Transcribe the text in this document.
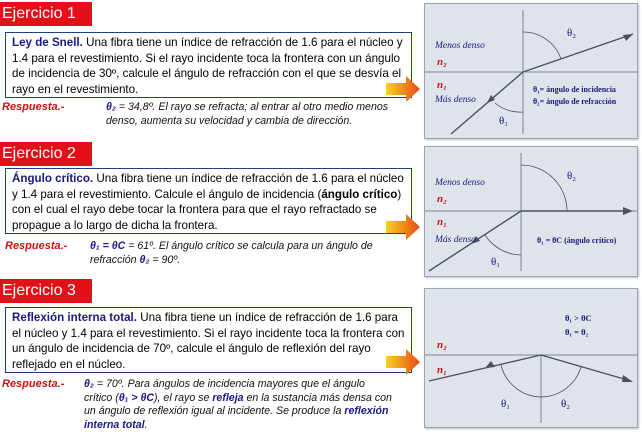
Ejercicio 1
Ley de Snell. Una fibra tiene un índice de refracción de 1.6 para el núcleo y 1.4 para el revestimiento. Si el rayo incidente toca la frontera con un ángulo de incidencia de 30º, calcule el ángulo de refracción con el que se desvía el rayo en el revestimiento.
Respuesta.-	θ₂ = 34,8º. El rayo se refracta; al entrar al otro medio menos denso, aumenta su velocidad y cambia de dirección.
Menos denso
n₂
n₁
Más denso
θ₂
θ₁
θ₁= ángulo de incidencia
θ₂= ángulo de refracción
Ejercicio 2
Ángulo crítico. Una fibra tiene un índice de refracción de 1.6 para el núcleo y 1.4 para el revestimiento. Calcule el ángulo de incidencia (ángulo crítico) con el cual el rayo debe tocar la frontera para que el rayo refractado se propague a lo largo de dicha la frontera.
Respuesta.- θ₁ = θC = 61º. El ángulo crítico se calcula para un ángulo de refracción θ₂ = 90º.
Menos denso
n₂
n₁
Más denso
θ₂
θ₁
θ₁ = θC (ángulo crítico)
Ejercicio 3
Reflexión interna total. Una fibra tiene un índice de refracción de 1.6 para el núcleo y 1.4 para el revestimiento. Si el rayo incidente toca la frontera con un ángulo de incidencia de 70º, calcule el ángulo de reflexión del rayo reflejado en el núcleo.
Respuesta.- θ₂ = 70º. Para ángulos de incidencia mayores que el ángulo crítico (θ₁ > θC), el rayo se refleja en la sustancia más densa con un ángulo de reflexión igual al incidente. Se produce la reflexión interna total.
n₂
n₁
θ₁	θ₂
θ₁ > θC
θ₁ = θ₂
